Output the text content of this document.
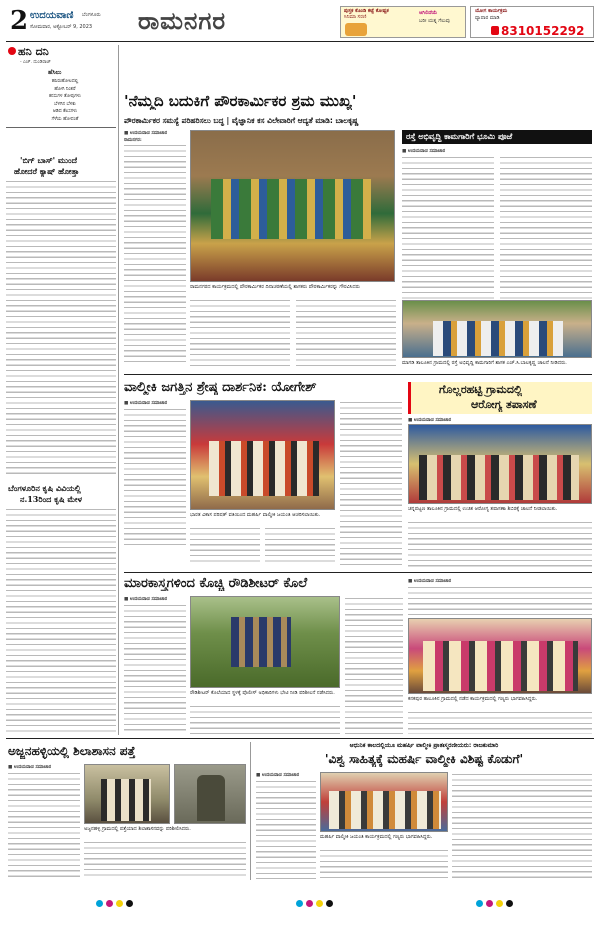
2 ಉದಯವಾಣಿ ಬೆಂಗಳೂರು
ಸೋಮವಾರ, ಅಕ್ಟೋಬರ್ 9, 2023 ರಾಮನಗರ	ಪುಸ್ತಕ ಕೊಂಡಿ ಕಟ್ಟೆ ಕೋಷ್ಟಕ
ಸಿನಿಮಾ ಸರಣಿ
ಆಗಿಲಿದೆಯೆ
ಬರೀ ಯತ್ನ ಗೆಲುವು
ಯೋಗ ಕಾರ್ಯಕ್ರಮ
ವ್ಯಾಪಾರ ಮಾಡಿ
8310152292
ಹನಿ ದನಿ
- ಎಚ್. ದುಂಡಿರಾಜ್
ಹೆಸಿಲು
ಹಸಿರುಹೋಲದಲ್ಲಿ
ಹೋಗಿ ನಿಂತರೆ
ಕನಸುಗಳ ತೋಪುಗಳು
ಬೆಳಗಿನ ಬೆಳಕು
ಆಡಿದ ಕೆಲಸಗಳು
ಗೆಳೆಯ ಹೋದಂತೆ
'ಬಿಗ್ ಬಾಸ್' ಮುಂದೆ
ಹೋದರೆ ಕ್ಯಾಷ್ ಹೋತ್ತಾ
ಬೆಂಗಳೂರಿನ ಕೃಷಿ ವಿವಿಯಲ್ಲಿ
ನ.13ರಿಂದ ಕೃಷಿ ಮೇಳ
'ನೆಮ್ಮದಿ ಬದುಕಿಗೆ ಪೌರಕಾರ್ಮಿಕರ ಶ್ರಮ ಮುಖ್ಯ'
ಪೌರಕಾರ್ಮಿಕರ ಸಮಸ್ಯೆ ಪರಿಹರಿಸಲು ಬದ್ಧ | ವೈಜ್ಞಾನಿಕ ಕಸ ವಿಲೇವಾರಿಗೆ ಆದ್ಯತೆ ಮಾಡಿ: ಬಾಲಕೃಷ್ಣ
■ ಉದಯವಾಣಿ ಸಮಾಚಾರ
ರಾಮನಗರ:
ರಾಮನಗರದ ಕಾರ್ಯಕ್ರಮದಲ್ಲಿ ಪೌರಕಾರ್ಮಿಕರ ದಿನಾಚರಣೆಯಲ್ಲಿ ಶಾಸಕರು ಪೌರಕಾರ್ಮಿಕರನ್ನು ಗೌರವಿಸಿದರು
ರಸ್ತೆ ಅಭಿವೃದ್ಧಿ ಕಾಮಗಾರಿಗೆ ಭೂಮಿ ಪೂಜೆ
■ ಉದಯವಾಣಿ ಸಮಾಚಾರ
ಮಾಗಡಿ ತಾಲೂಕಿನ ಗ್ರಾಮದಲ್ಲಿ ರಸ್ತೆ ಅಭಿವೃದ್ಧಿ ಕಾಮಗಾರಿಗೆ ಶಾಸಕ ಎಚ್.ಸಿ.ಬಾಲಕೃಷ್ಣ ಚಾಲನೆ ನೀಡಿದರು.
ವಾಲ್ಮೀಕಿ ಜಗತ್ತಿನ ಶ್ರೇಷ್ಠ ದಾರ್ಶನಿಕ: ಯೋಗೇಶ್
■ ಉದಯವಾಣಿ ಸಮಾಚಾರ
ಭಾರತ ವಿಕಾಸ ಪರಿಷತ್ ವತಿಯಿಂದ ಮಹರ್ಷಿ ವಾಲ್ಮೀಕಿ ಜಯಂತಿ ಆಚರಿಸಲಾಯಿತು.
ಗೊಲ್ಲರಹಟ್ಟಿ ಗ್ರಾಮದಲ್ಲಿ
ಆರೋಗ್ಯ ತಪಾಸಣೆ
■ ಉದಯವಾಣಿ ಸಮಾಚಾರ
ಚನ್ನಪಟ್ಟಣ ತಾಲೂಕಿನ ಗ್ರಾಮದಲ್ಲಿ ಉಚಿತ ಆರೋಗ್ಯ ತಪಾಸಣಾ ಶಿಬಿರಕ್ಕೆ ಚಾಲನೆ ನೀಡಲಾಯಿತು.
ಮಾರಕಾಸ್ತ್ರಗಳಿಂದ ಕೊಚ್ಚಿ ರೌಡಿಶೀಟರ್ ಕೊಲೆ
■ ಉದಯವಾಣಿ ಸಮಾಚಾರ
ರೌಡಿಶೀಟರ್ ಕೊಲೆಯಾದ ಸ್ಥಳಕ್ಕೆ ಪೊಲೀಸ್ ಅಧಿಕಾರಿಗಳು ಭೇಟಿ ನೀಡಿ ಪರಿಶೀಲನೆ ನಡೆಸಿದರು.
■ ಉದಯವಾಣಿ ಸಮಾಚಾರ
ಕನಕಪುರ ತಾಲೂಕಿನ ಗ್ರಾಮದಲ್ಲಿ ನಡೆದ ಕಾರ್ಯಕ್ರಮದಲ್ಲಿ ಗಣ್ಯರು ಭಾಗವಹಿಸಿದ್ದರು.
ಅಜ್ಜನಹಳ್ಳಿಯಲ್ಲಿ ಶಿಲಾಶಾಸನ ಪತ್ತೆ
■ ಉದಯವಾಣಿ ಸಮಾಚಾರ
ಅಜ್ಜನಹಳ್ಳಿ ಗ್ರಾಮದಲ್ಲಿ ಪತ್ತೆಯಾದ ಶಿಲಾಶಾಸನವನ್ನು ಪರಿಶೀಲಿಸಿದರು.
ಆಧುನಿಕ ಕಾಲದಲ್ಲಿಯೂ ಮಹರ್ಷಿ ವಾಲ್ಮೀಕಿ ಪ್ರಾತಃಸ್ಮರಣೀಯರು: ರಾಜಕುಮಾರಿ
'ವಿಶ್ವ ಸಾಹಿತ್ಯಕ್ಕೆ ಮಹರ್ಷಿ ವಾಲ್ಮೀಕಿ ವಿಶಿಷ್ಟ ಕೊಡುಗೆ'
■ ಉದಯವಾಣಿ ಸಮಾಚಾರ
ಮಹರ್ಷಿ ವಾಲ್ಮೀಕಿ ಜಯಂತಿ ಕಾರ್ಯಕ್ರಮದಲ್ಲಿ ಗಣ್ಯರು ಭಾಗವಹಿಸಿದ್ದರು.
